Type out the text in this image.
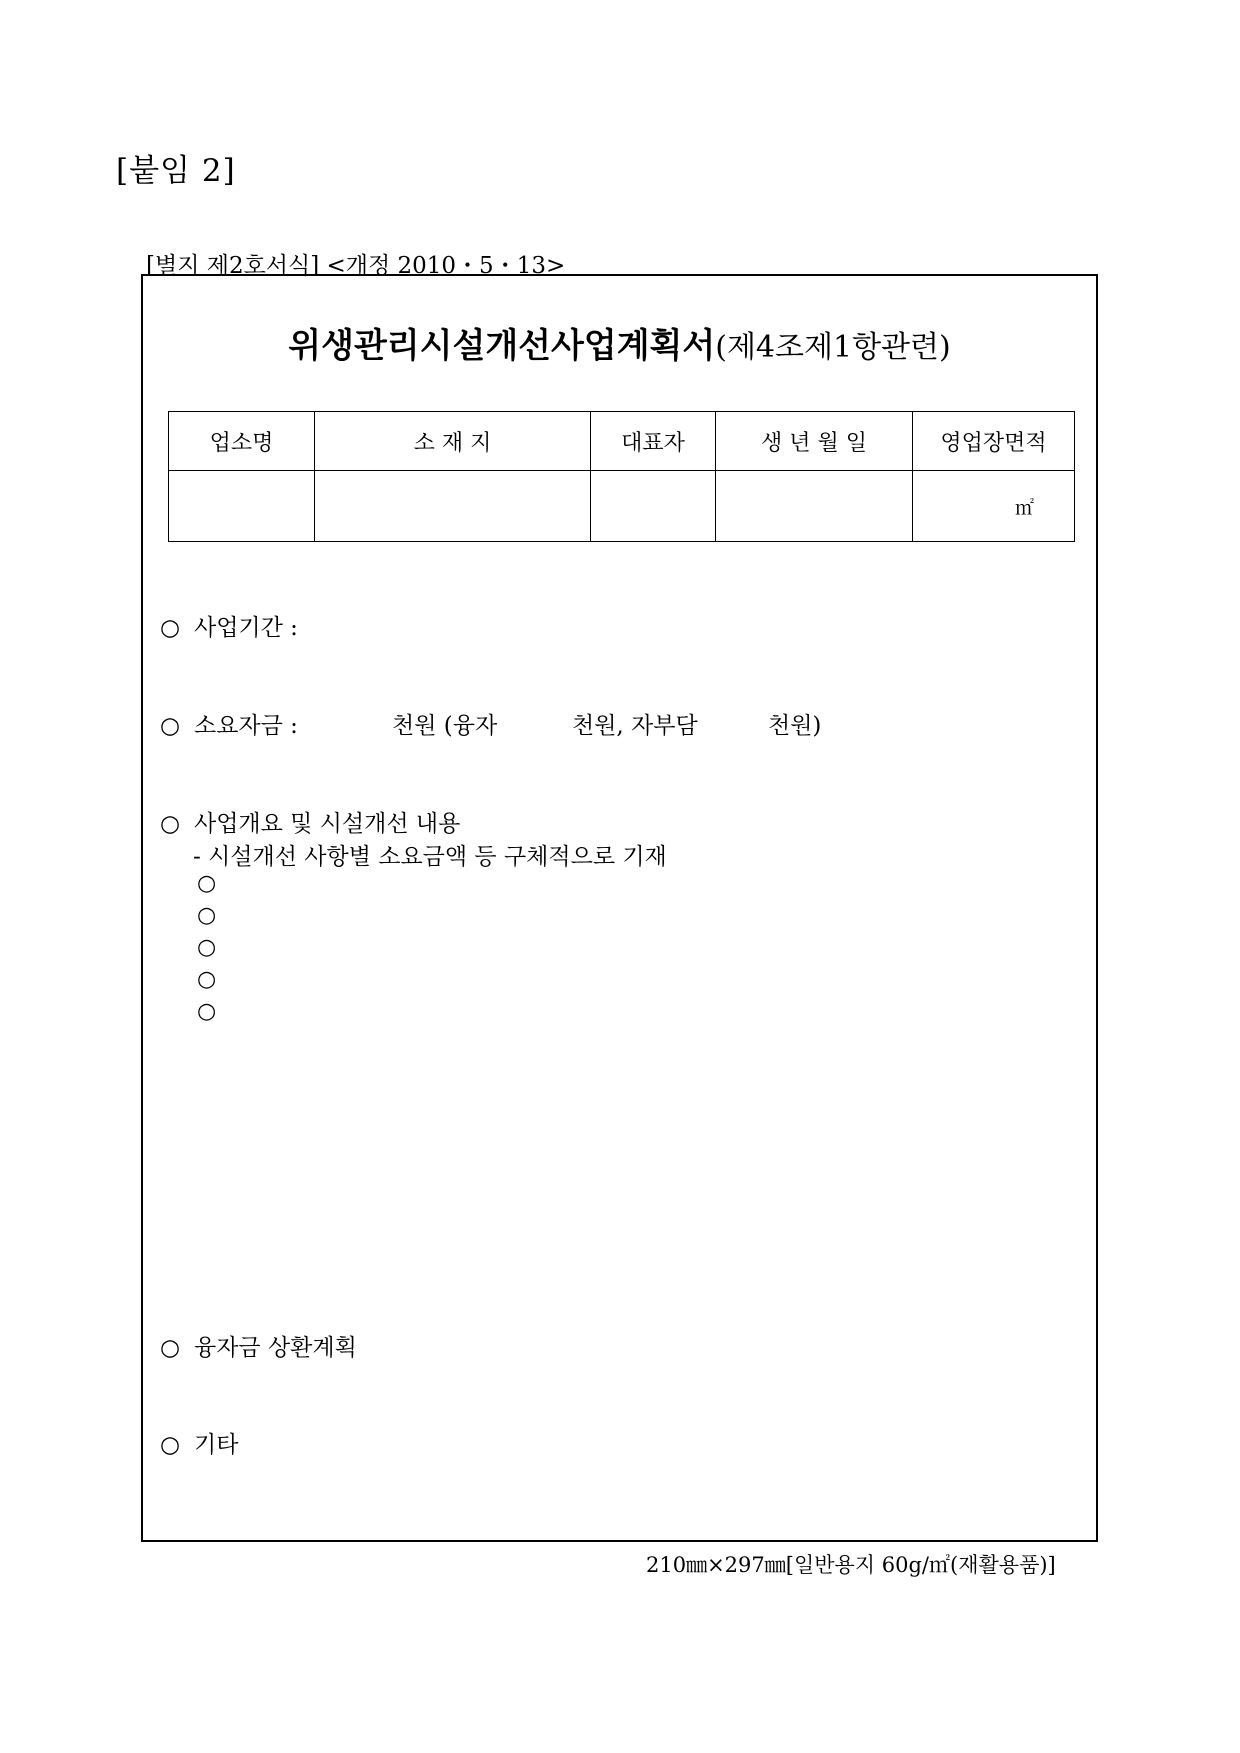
[붙임 2]
[별지 제2호서식] <개정 2010・5・13>
위생관리시설개선사업계획서(제4조제1항관련)
업소명	소 재 지	대표자	생 년 월 일	영업장면적

				㎡
○ 사업기간 :
○ 소요자금 :	천원 (융자	천원, 자부담	천원)
○ 사업개요 및 시설개선 내용
- 시설개선 사항별 소요금액 등 구체적으로 기재
○
○
○
○
○
○ 융자금 상환계획
○ 기타
210㎜×297㎜[일반용지 60g/㎡(재활용품)]
